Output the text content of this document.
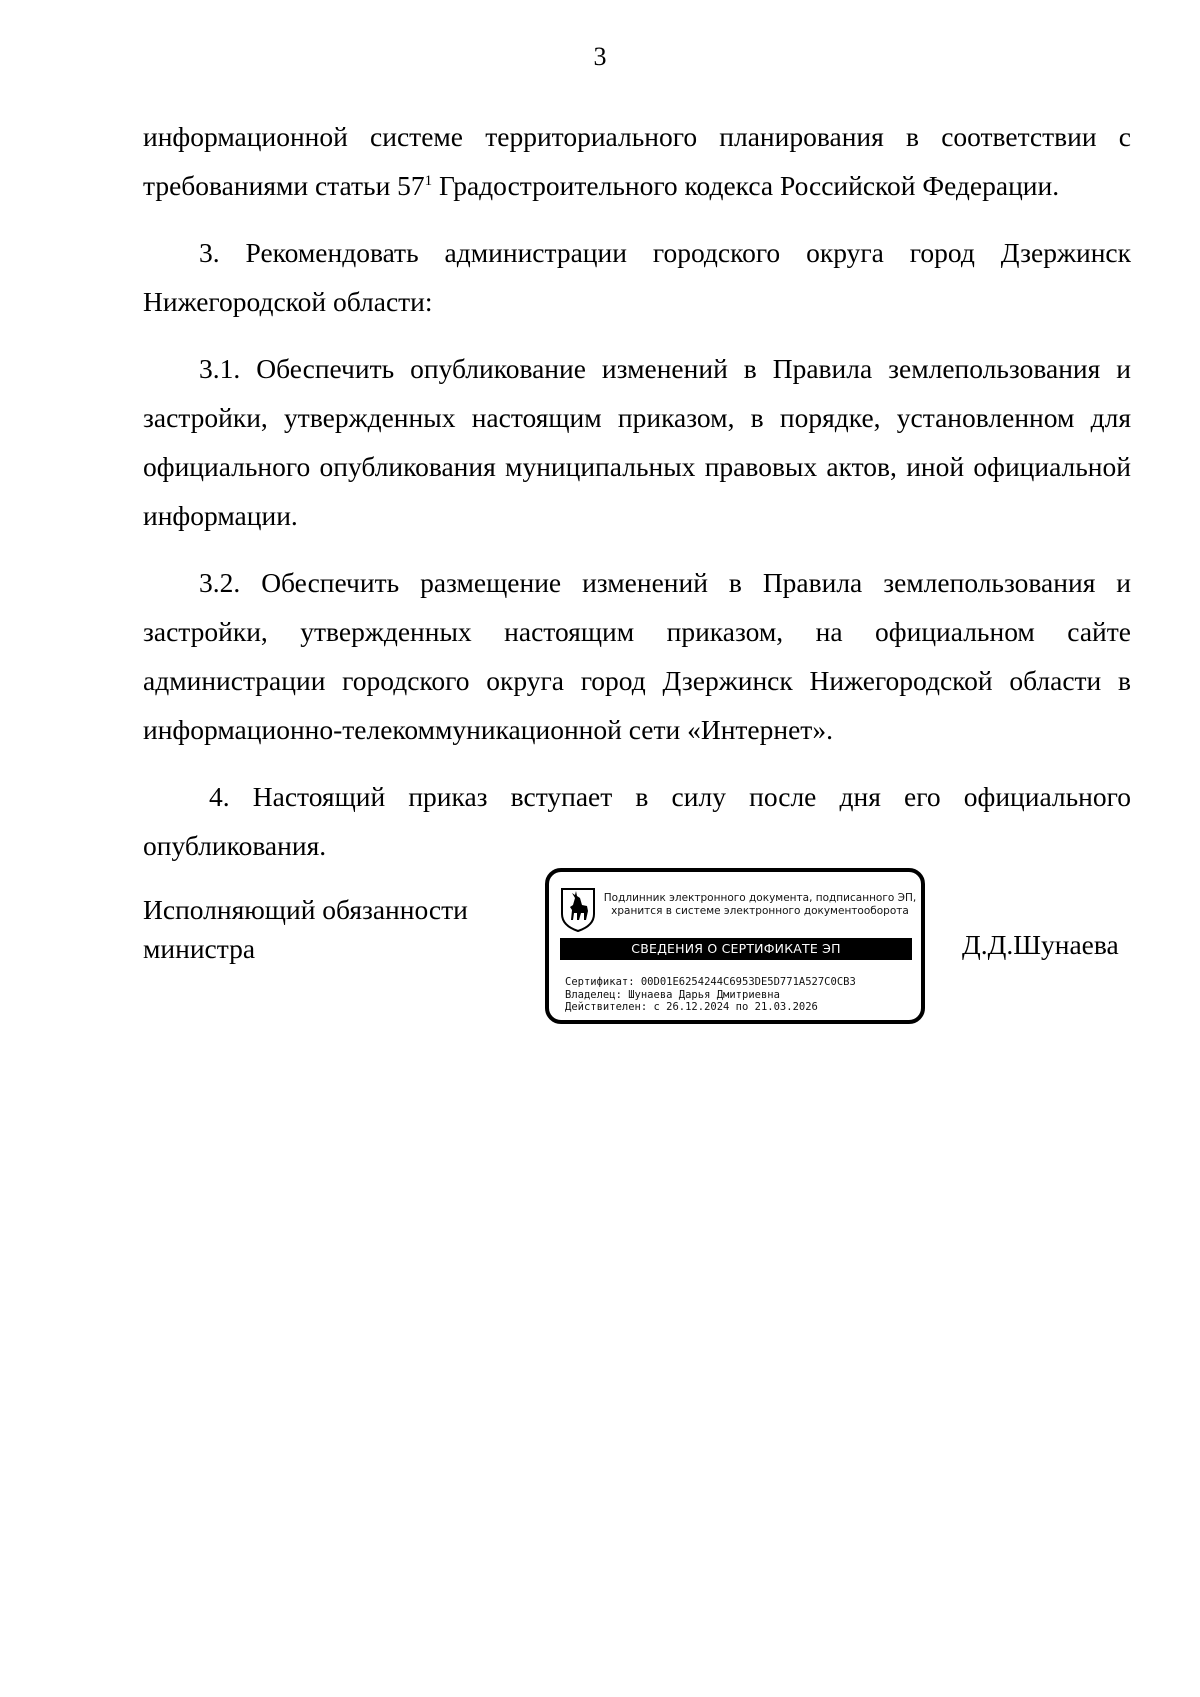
3

информационной системе территориального планирования в соответствии с требованиями статьи $57^1$ Градостроительного кодекса Российской Федерации.

3. Рекомендовать администрации городского округа город Дзержинск Нижегородской области:

3.1. Обеспечить опубликование изменений в Правила землепользования и застройки, утвержденных настоящим приказом, в порядке, установленном для официального опубликования муниципальных правовых актов, иной официальной информации.

3.2. Обеспечить размещение изменений в Правила землепользования и застройки, утвержденных настоящим приказом, на официальном сайте администрации городского округа город Дзержинск Нижегородской области в информационно-телекоммуникационной сети «Интернет».

4. Настоящий приказ вступает в силу после дня его официального опубликования.

Исполняющий обязанности
министра
Подлинник электронного документа, подписанного ЭП,
хранится в системе электронного документооборота
СВЕДЕНИЯ О СЕРТИФИКАТЕ ЭП
Сертификат: 00D01E6254244C6953DE5D771A527C0CB3
Владелец: Шунаева Дарья Дмитриевна
Действителен: с 26.12.2024 по 21.03.2026
Д.Д.Шунаева
